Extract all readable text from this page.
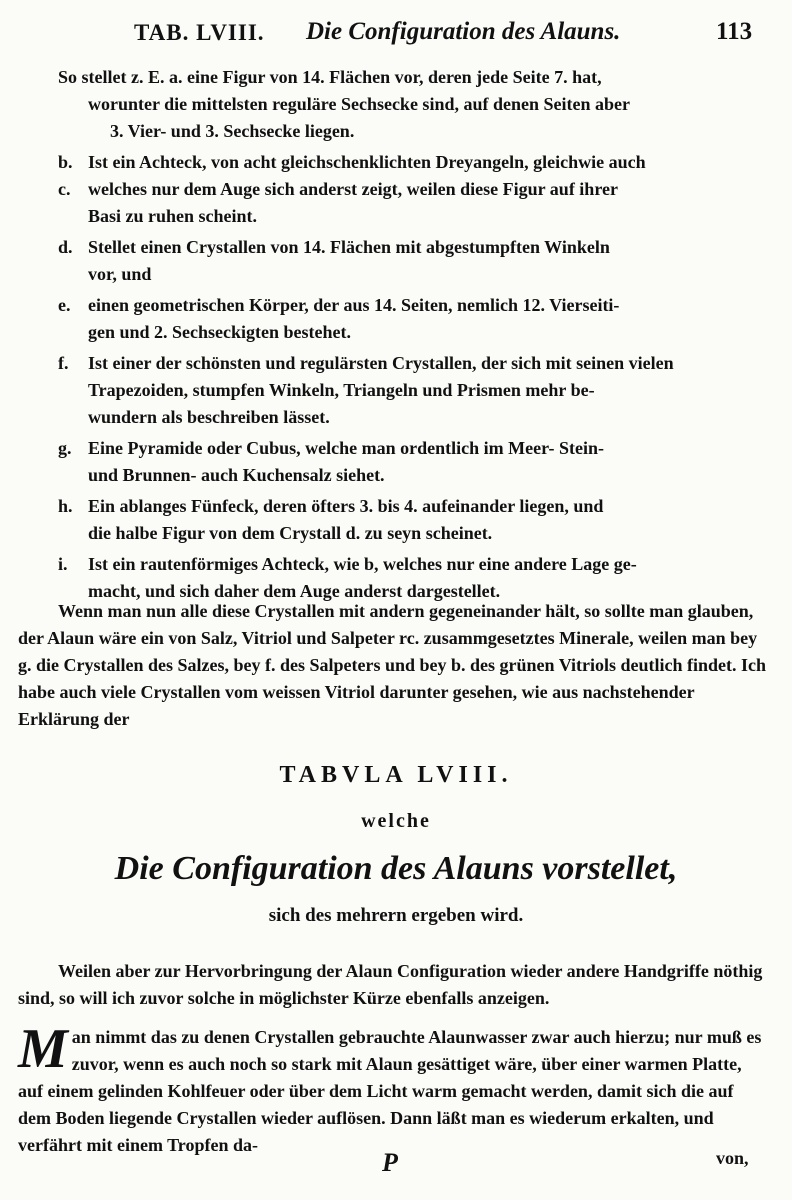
TAB. LVIII. Die Configuration des Alauns.	113
So stellet z. E. a. eine Figur von 14. Flächen vor, deren jede Seite 7. hat,

worunter die mittelsten reguläre Sechsecke sind, auf denen Seiten aber
3. Vier- und 3. Sechsecke liegen.
b. Ist ein Achteck, von acht gleichschenklichten Dreyangeln, gleichwie auch
c. welches nur dem Auge sich anderst zeigt, weilen diese Figur auf ihrer
Basi zu ruhen scheint.
d. Stellet einen Crystallen von 14. Flächen mit abgestumpften Winkeln
vor, und
e. einen geometrischen Körper, der aus 14. Seiten, nemlich 12. Vierseiti-
gen und 2. Sechseckigten bestehet.
f.	Ist einer der schönsten und regulärsten Crystallen, der sich mit seinen vielen
Trapezoiden, stumpfen Winkeln, Triangeln und Prismen mehr be-
wundern als beschreiben lässet.
g. Eine Pyramide oder Cubus, welche man ordentlich im Meer- Stein-
und Brunnen- auch Kuchensalz siehet.
h. Ein ablanges Fünfeck, deren öfters 3. bis 4. aufeinander liegen, und
die halbe Figur von dem Crystall d. zu seyn scheinet.
i.	Ist ein rautenförmiges Achteck, wie b, welches nur eine andere Lage ge-
macht, und sich daher dem Auge anderst dargestellet.
Wenn man nun alle diese Crystallen mit andern gegeneinander hält, so sollte man glauben, der Alaun wäre ein von Salz, Vitriol und Salpeter rc. zusammgesetztes Minerale, weilen man bey g. die Crystallen des Salzes, bey f. des Salpeters und bey b. des grünen Vitriols deutlich findet. Ich habe auch viele Crystallen vom weissen Vitriol darunter gesehen, wie aus nachstehender Erklärung der
TABVLA LVIII.
welche
Die Configuration des Alauns vorstellet,
sich des mehrern ergeben wird.
Weilen aber zur Hervorbringung der Alaun Configuration wieder andere Handgriffe nöthig sind, so will ich zuvor solche in möglichster Kürze ebenfalls anzeigen.
Man nimmt das zu denen Crystallen gebrauchte Alaunwasser zwar auch hierzu; nur muß es zuvor, wenn es auch noch so stark mit Alaun gesättiget wäre, über einer warmen Platte, auf einem gelinden Kohlfeuer oder über dem Licht warm gemacht werden, damit sich die auf dem Boden liegende Crystallen wieder auflösen. Dann läßt man es wiederum erkalten, und verfährt mit einem Tropfen da-
P	von,
